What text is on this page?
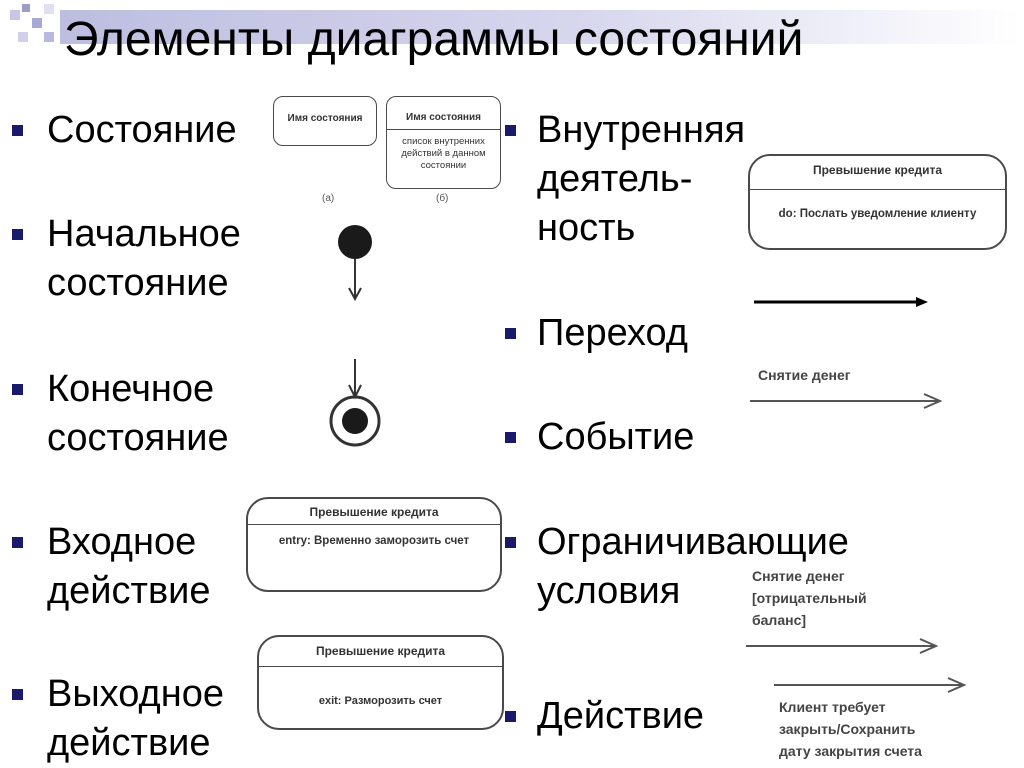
Элементы диаграммы состояний
Состояние
Начальное
состояние
Конечное
состояние
Входное
действие
Выходное
действие
Внутренняя
деятель-
ность
Переход
Событие
Ограничивающие
условия
Действие
Имя состояния
(а)
Имя состояния
список внутренних
действий в данном
состоянии
(б)
Превышение кредита
entry: Временно заморозить счет
Превышение кредита
exit: Разморозить счет
Превышение кредита
do: Послать уведомление клиенту
Снятие денег
Снятие денег
[отрицательный
баланс]
Клиент требует
закрыть/Сохранить
дату закрытия счета
